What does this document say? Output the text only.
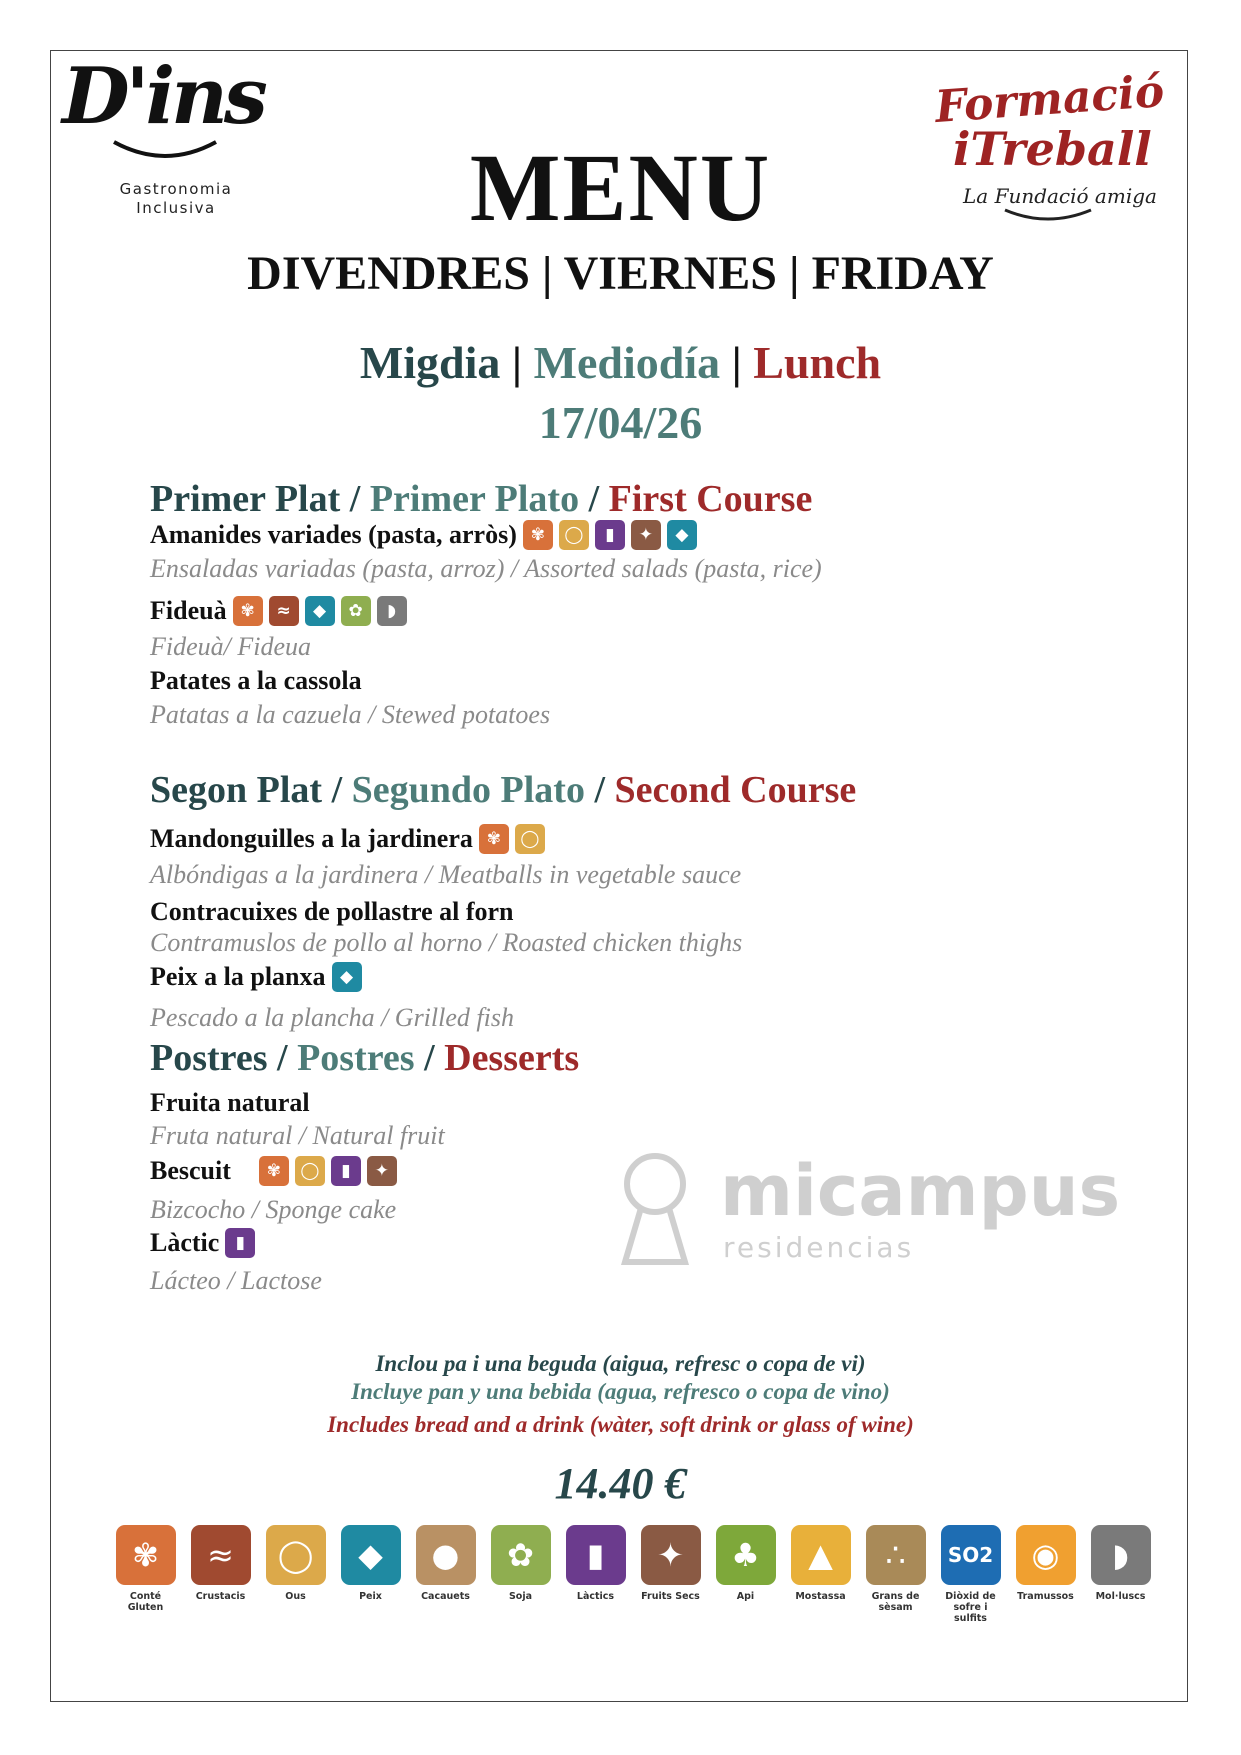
D'ins
Gastronomia
Inclusiva
Formació
iTreball
La Fundació amiga
MENU
DIVENDRES | VIERNES | FRIDAY
Migdia | Mediodía | Lunch
17/04/26
Primer Plat / Primer Plato / First Course
Amanides variades (pasta, arròs) ✾	◯	▮	✦	◆
Ensaladas variadas (pasta, arroz) / Assorted salads (pasta, rice)
Fideuà ✾	≈	◆	✿	◗
Fideuà/ Fideua
Patates a la cassola
Patatas a la cazuela / Stewed potatoes
Segon Plat / Segundo Plato / Second Course
Mandonguilles a la jardinera ✾	◯
Albóndigas a la jardinera / Meatballs in vegetable sauce
Contracuixes de pollastre al forn
Contramuslos de pollo al horno / Roasted chicken thighs
Peix a la planxa ◆
Pescado a la plancha / Grilled fish
Postres / Postres / Desserts
Fruita natural
Fruta natural / Natural fruit
Bescuit	✾	◯	▮	✦
Bizcocho / Sponge cake
Làctic ▮
Lácteo / Lactose
micampus
residencias
Inclou pa i una beguda (aigua, refresc o copa de vi)
Incluye pan y una bebida (agua, refresco o copa de vino)
Includes bread and a drink (wàter, soft drink or glass of wine)
14.40 €
✾
Conté Gluten
≈
Crustacis
◯
Ous
◆
Peix
●
Cacauets
✿
Soja
▮
Làctics
✦
Fruits Secs
♣
Api
▲
Mostassa
∴
Grans de sèsam
SO2
Diòxid de sofre i sulfits
◉
Tramussos
◗
Mol·luscs
